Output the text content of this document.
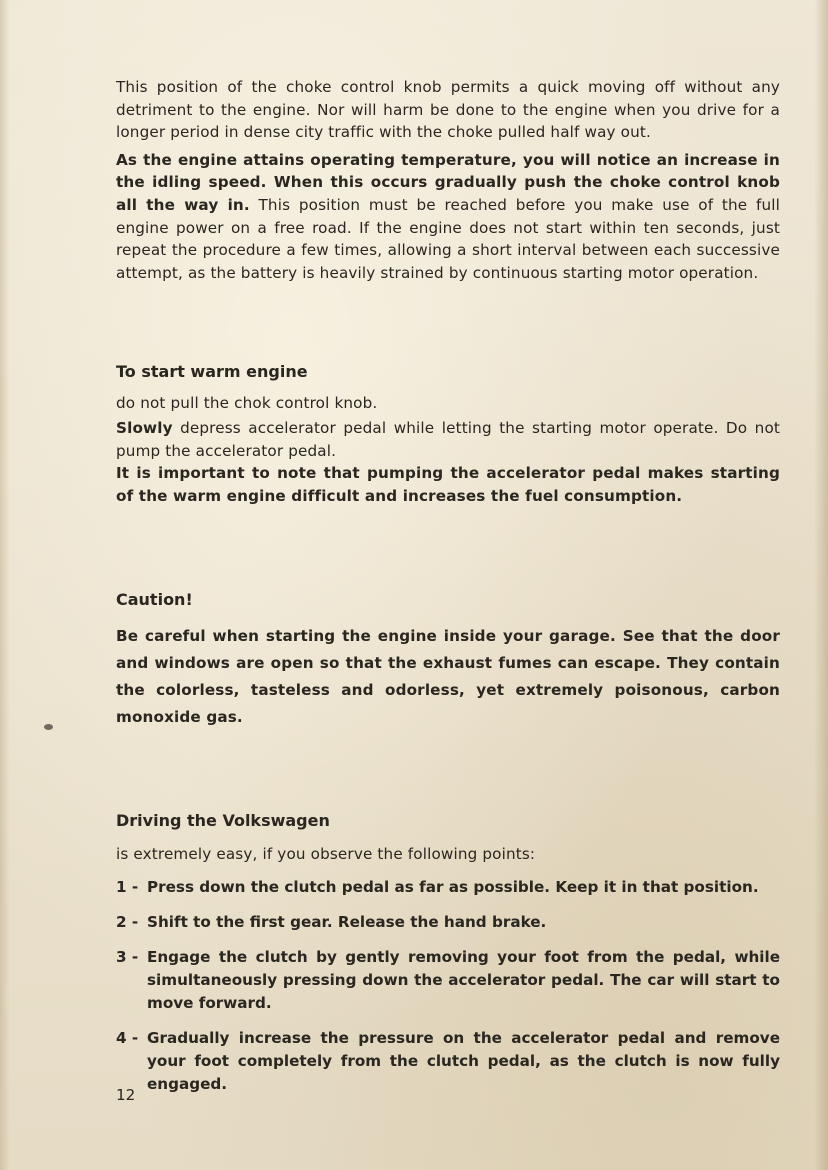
This position of the choke control knob permits a quick moving off without any detriment to the engine. Nor will harm be done to the engine when you drive for a longer period in dense city traffic with the choke pulled half way out.

As the engine attains operating temperature, you will notice an increase in the idling speed. When this occurs gradually push the choke control knob all the way in. This position must be reached before you make use of the full engine power on a free road. If the engine does not start within ten seconds, just repeat the procedure a few times, allowing a short interval between each successive attempt, as the battery is heavily strained by continuous starting motor operation.

To start warm engine

do not pull the chok control knob.

Slowly depress accelerator pedal while letting the starting motor operate. Do not pump the accelerator pedal.

It is important to note that pumping the accelerator pedal makes starting of the warm engine difficult and increases the fuel consumption.

Caution!

Be careful when starting the engine inside your garage. See that the door and windows are open so that the exhaust fumes can escape. They contain the colorless, tasteless and odorless, yet extremely poisonous, carbon monoxide gas.

Driving the Volkswagen

is extremely easy, if you observe the following points:

1 - Press down the clutch pedal as far as possible. Keep it in that position.
2 - Shift to the first gear. Release the hand brake.
3 - Engage the clutch by gently removing your foot from the pedal, while simultaneously pressing down the accelerator pedal. The car will start to move forward.
4 - Gradually increase the pressure on the accelerator pedal and remove your foot completely from the clutch pedal, as the clutch is now fully engaged.
12
